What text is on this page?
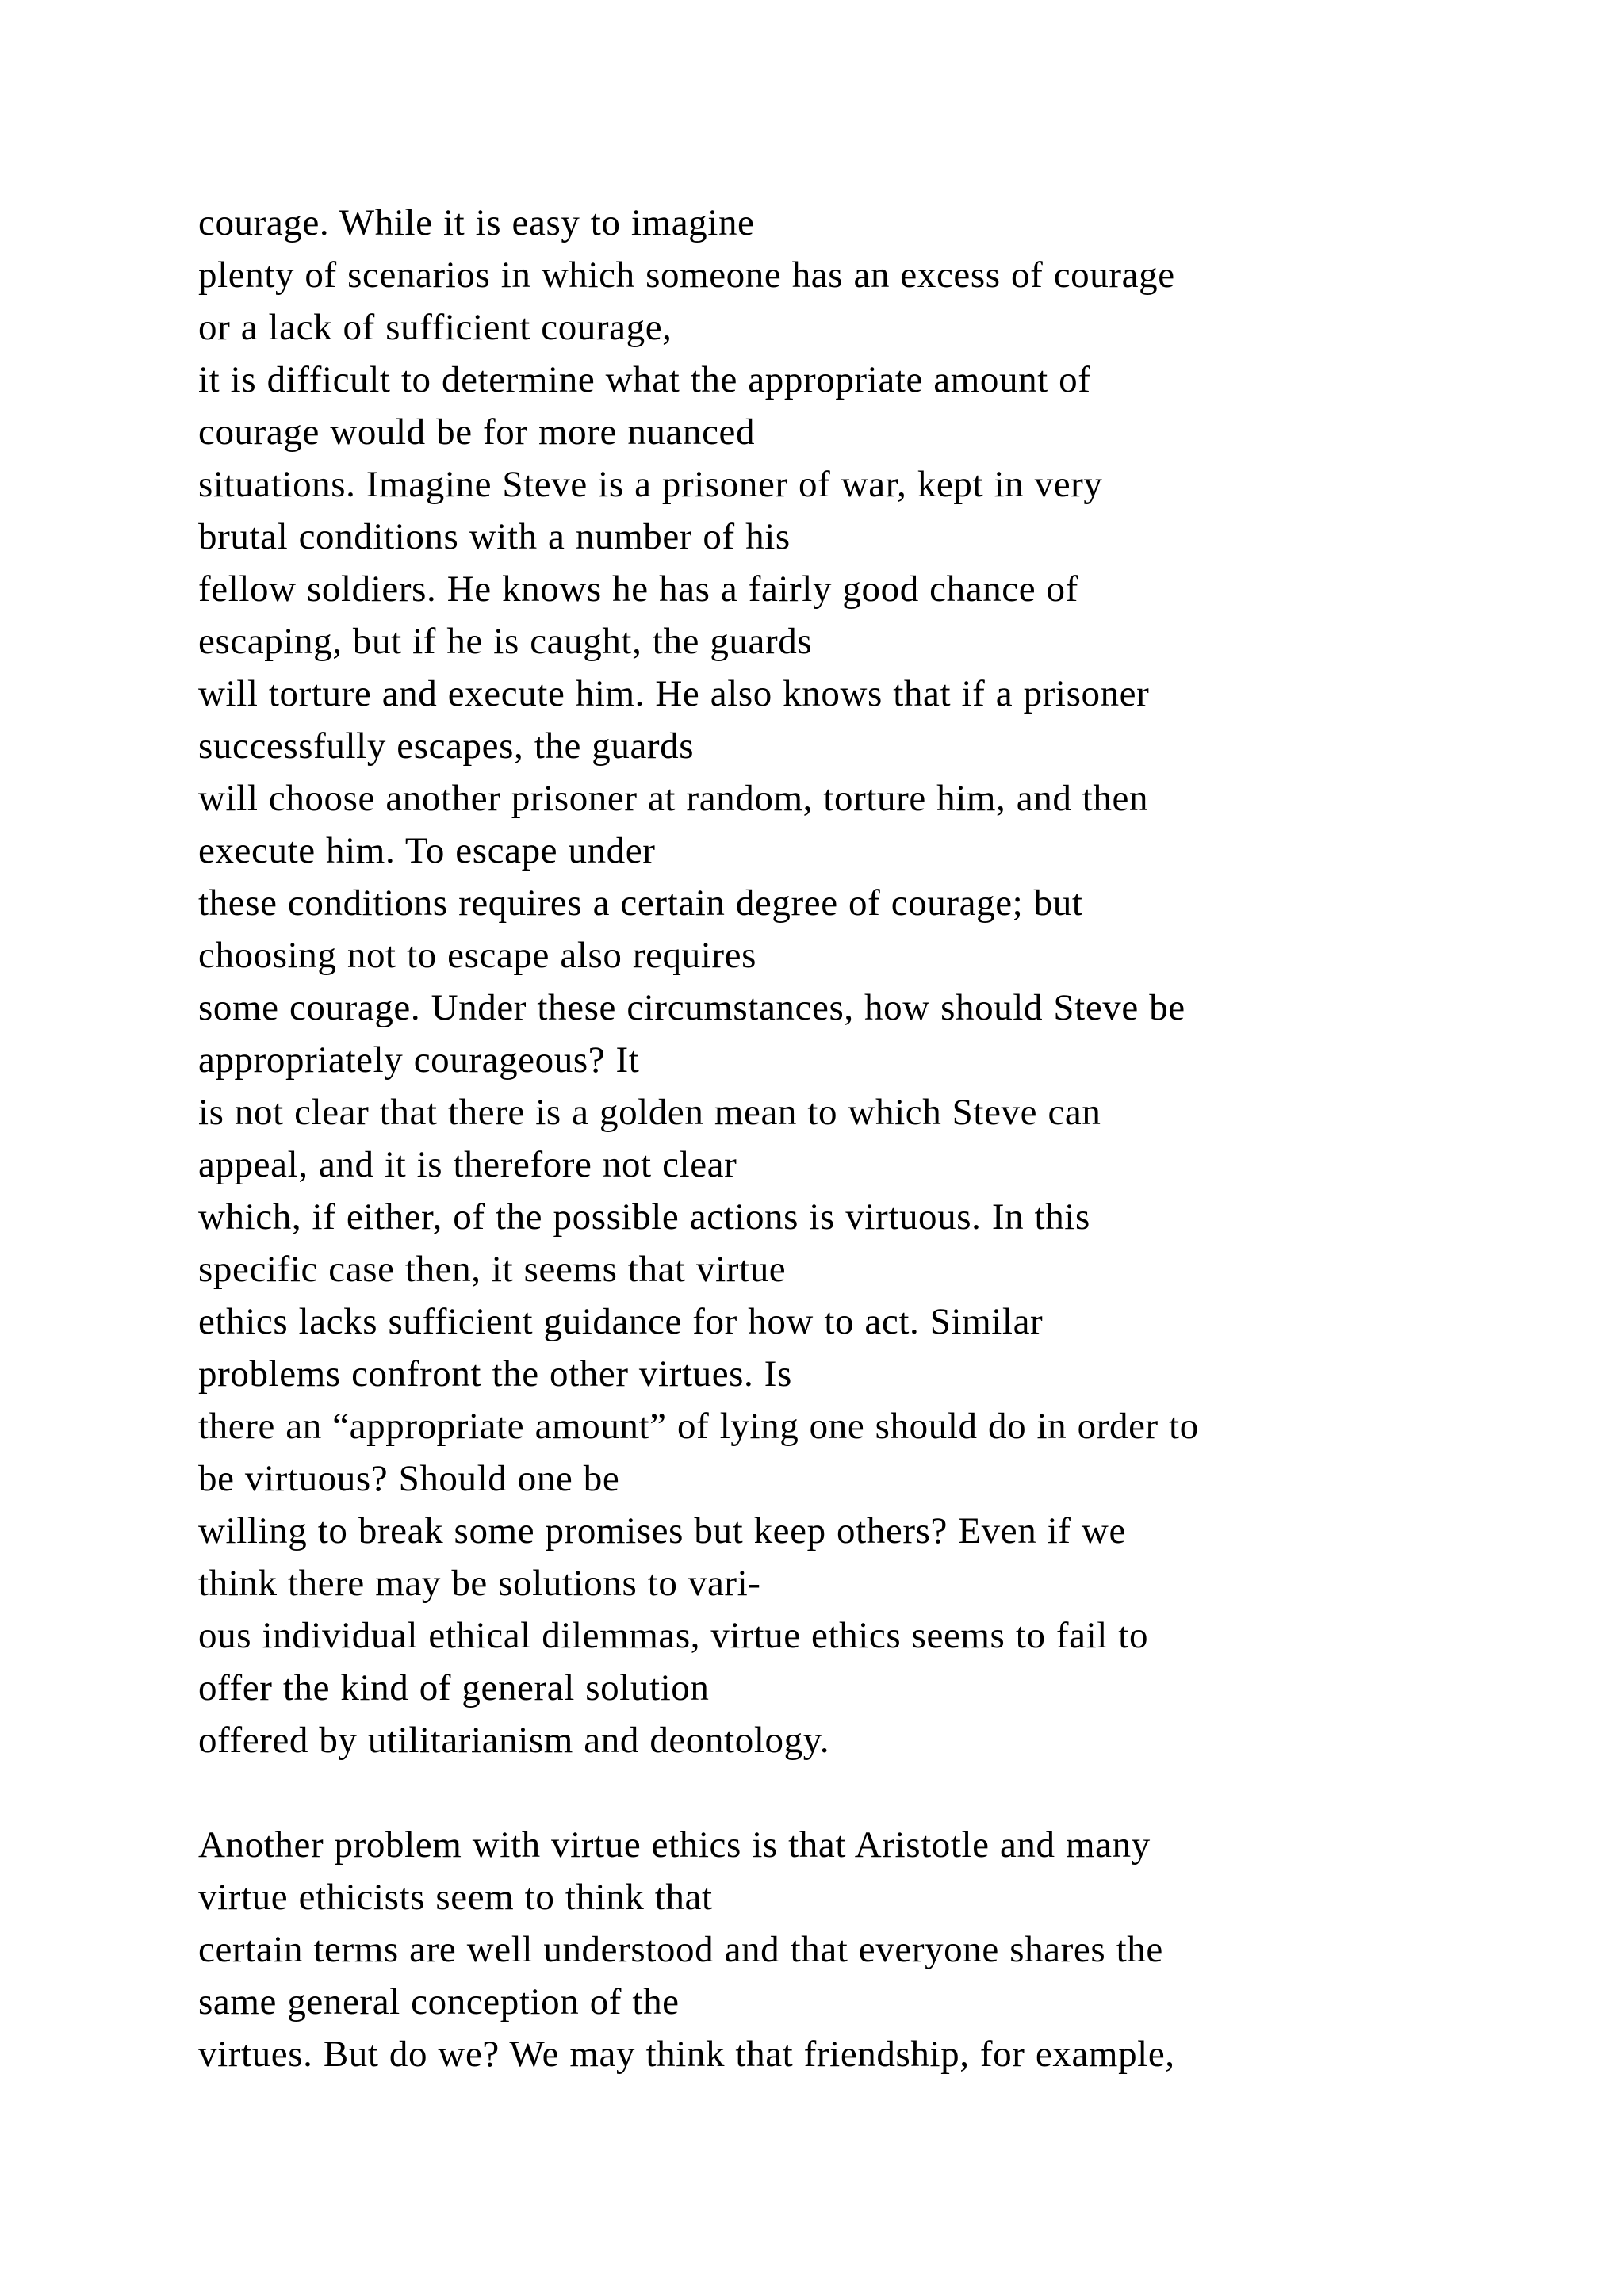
courage. While it is easy to imagine
plenty of scenarios in which someone has an excess of courage
or a lack of sufficient courage,
it is difficult to determine what the appropriate amount of
courage would be for more nuanced
situations. Imagine Steve is a prisoner of war, kept in very
brutal conditions with a number of his
fellow soldiers. He knows he has a fairly good chance of
escaping, but if he is caught, the guards
will torture and execute him. He also knows that if a prisoner
successfully escapes, the guards
will choose another prisoner at random, torture him, and then
execute him. To escape under
these conditions requires a certain degree of courage; but
choosing not to escape also requires
some courage. Under these circumstances, how should Steve be
appropriately courageous? It
is not clear that there is a golden mean to which Steve can
appeal, and it is therefore not clear
which, if either, of the possible actions is virtuous. In this
specific case then, it seems that virtue
ethics lacks sufficient guidance for how to act. Similar
problems confront the other virtues. Is
there an “appropriate amount” of lying one should do in order to
be virtuous? Should one be
willing to break some promises but keep others? Even if we
think there may be solutions to vari-
ous individual ethical dilemmas, virtue ethics seems to fail to
offer the kind of general solution
offered by utilitarianism and deontology.
Another problem with virtue ethics is that Aristotle and many
virtue ethicists seem to think that
certain terms are well understood and that everyone shares the
same general conception of the
virtues. But do we? We may think that friendship, for example,
